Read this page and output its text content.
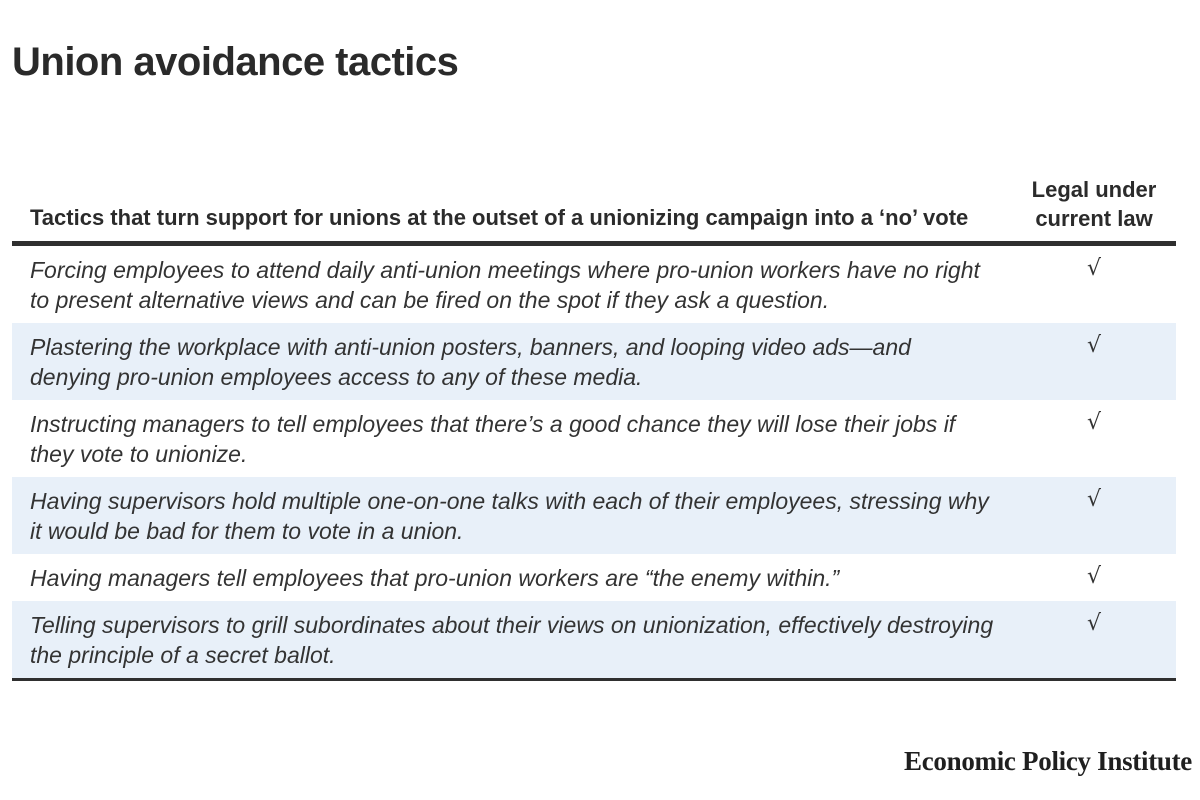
Union avoidance tactics
Tactics that turn support for unions at the outset of a unionizing campaign into a ‘no’ vote
Legal under current law
Forcing employees to attend daily anti-union meetings where pro-union workers have no right to present alternative views and can be fired on the spot if they ask a question.
√
Plastering the workplace with anti-union posters, banners, and looping video ads—and denying pro-union employees access to any of these media.
√
Instructing managers to tell employees that there’s a good chance they will lose their jobs if they vote to unionize.
√
Having supervisors hold multiple one-on-one talks with each of their employees, stressing why it would be bad for them to vote in a union.
√
Having managers tell employees that pro-union workers are “the enemy within.”	√
Telling supervisors to grill subordinates about their views on unionization, effectively destroying the principle of a secret ballot.
√
Economic Policy Institute
